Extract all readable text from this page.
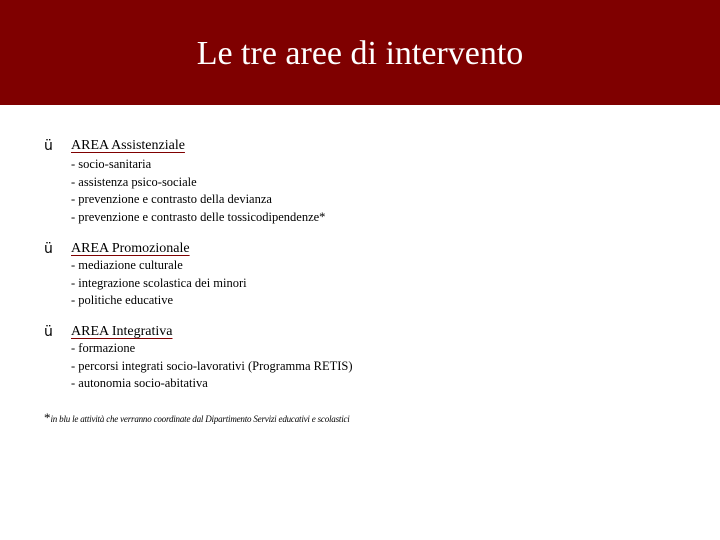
Le tre aree di intervento
ü AREA Assistenziale
- socio-sanitaria
- assistenza psico-sociale
- prevenzione e contrasto della devianza
- prevenzione e contrasto delle tossicodipendenze*
ü AREA Promozionale
- mediazione culturale
- integrazione scolastica dei minori
- politiche educative
ü AREA Integrativa
- formazione
- percorsi integrati socio-lavorativi (Programma RETIS)
- autonomia socio-abitativa
*in blu le attività che verranno coordinate dal Dipartimento Servizi educativi e scolastici
